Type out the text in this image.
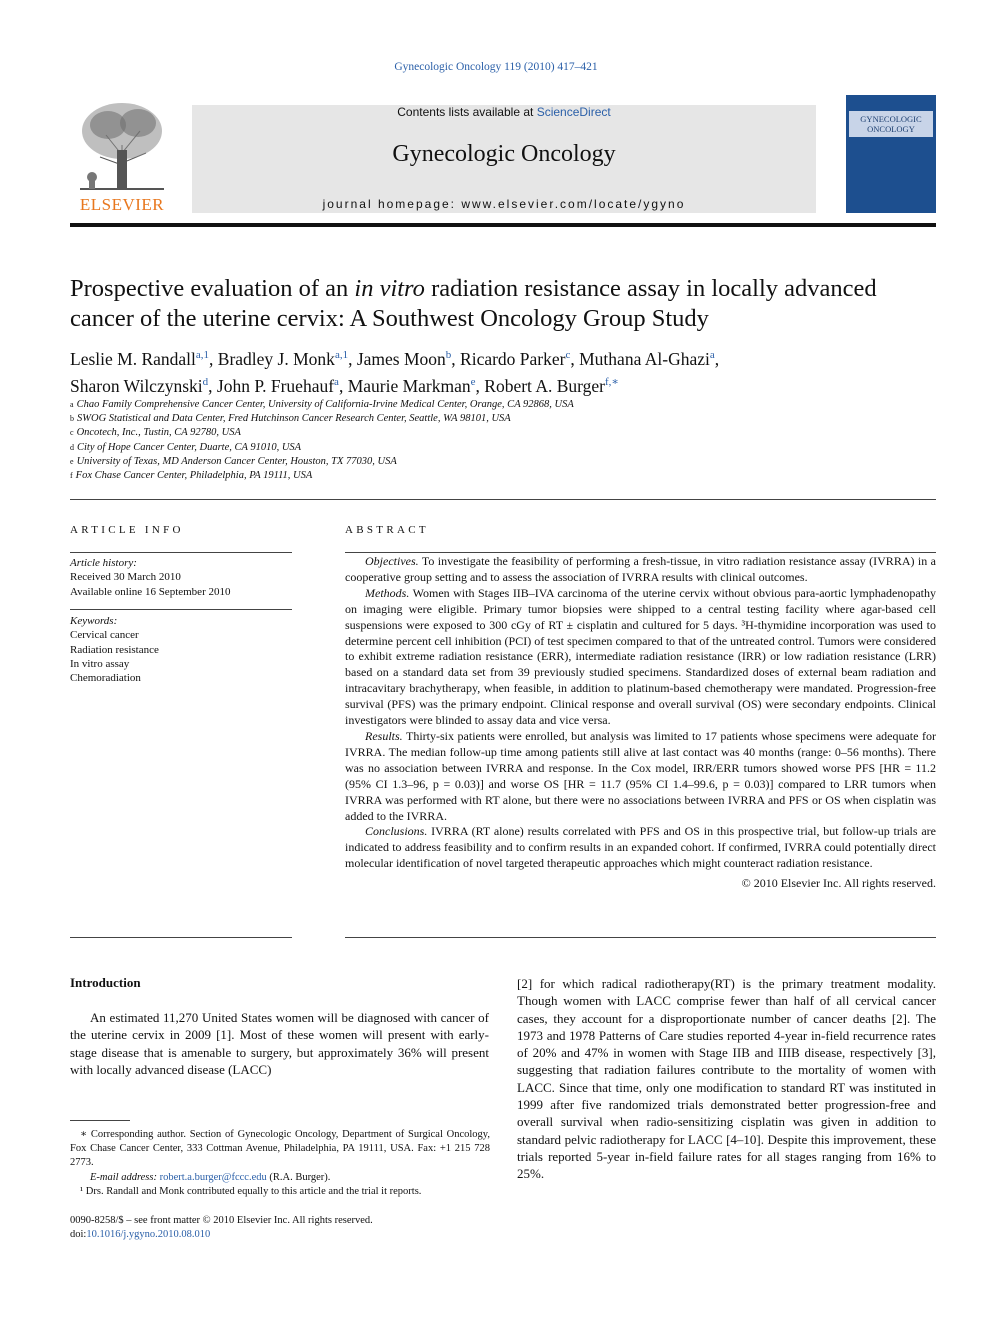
Gynecologic Oncology 119 (2010) 417–421
ELSEVIER
Contents lists available at ScienceDirect
Gynecologic Oncology
journal homepage: www.elsevier.com/locate/ygyno
GYNECOLOGIC
ONCOLOGY
Prospective evaluation of an in vitro radiation resistance assay in locally advanced cancer of the uterine cervix: A Southwest Oncology Group Study
Leslie M. Randall$^{a,1}$, Bradley J. Monk$^{a,1}$, James Moon$^b$, Ricardo Parker$^c$, Muthana Al-Ghazi$^a$,
Sharon Wilczynski$^d$, John P. Fruehauf$^a$, Maurie Markman$^e$, Robert A. Burger$^{f,∗}$
$^a$ Chao Family Comprehensive Cancer Center, University of California-Irvine Medical Center, Orange, CA 92868, USA
$^b$ SWOG Statistical and Data Center, Fred Hutchinson Cancer Research Center, Seattle, WA 98101, USA
$^c$ Oncotech, Inc., Tustin, CA 92780, USA
$^d$ City of Hope Cancer Center, Duarte, CA 91010, USA
$^e$ University of Texas, MD Anderson Cancer Center, Houston, TX 77030, USA
$^f$ Fox Chase Cancer Center, Philadelphia, PA 19111, USA
ARTICLE INFO
Article history:
Received 30 March 2010
Available online 16 September 2010
Keywords:
Cervical cancer
Radiation resistance
In vitro assay
Chemoradiation
ABSTRACT

Objectives. To investigate the feasibility of performing a fresh-tissue, in vitro radiation resistance assay (IVRRA) in a cooperative group setting and to assess the association of IVRRA results with clinical outcomes.

Methods. Women with Stages IIB–IVA carcinoma of the uterine cervix without obvious para-aortic lymphadenopathy on imaging were eligible. Primary tumor biopsies were shipped to a central testing facility where agar-based cell suspensions were exposed to 300 cGy of RT ± cisplatin and cultured for 5 days. ³H-thymidine incorporation was used to determine percent cell inhibition (PCI) of test specimen compared to that of the untreated control. Tumors were considered to exhibit extreme radiation resistance (ERR), intermediate radiation resistance (IRR) or low radiation resistance (LRR) based on a standard data set from 39 previously studied specimens. Standardized doses of external beam radiation and intracavitary brachytherapy, when feasible, in addition to platinum-based chemotherapy were mandated. Progression-free survival (PFS) was the primary endpoint. Clinical response and overall survival (OS) were secondary endpoints. Clinical investigators were blinded to assay data and vice versa.

Results. Thirty-six patients were enrolled, but analysis was limited to 17 patients whose specimens were adequate for IVRRA. The median follow-up time among patients still alive at last contact was 40 months (range: 0–56 months). There was no association between IVRRA and response. In the Cox model, IRR/ERR tumors showed worse PFS [HR = 11.2 (95% CI 1.3–96, p = 0.03)] and worse OS [HR = 11.7 (95% CI 1.4–99.6, p = 0.03)] compared to LRR tumors when IVRRA was performed with RT alone, but there were no associations between IVRRA and PFS or OS when cisplatin was added to the IVRRA.

Conclusions. IVRRA (RT alone) results correlated with PFS and OS in this prospective trial, but follow-up trials are indicated to address feasibility and to confirm results in an expanded cohort. If confirmed, IVRRA could potentially direct molecular identification of novel targeted therapeutic approaches which might counteract radiation resistance.

© 2010 Elsevier Inc. All rights reserved.

Introduction

An estimated 11,270 United States women will be diagnosed with cancer of the uterine cervix in 2009 [1]. Most of these women will present with early-stage disease that is amenable to surgery, but approximately 36% will present with locally advanced disease (LACC)

[2] for which radical radiotherapy(RT) is the primary treatment modality. Though women with LACC comprise fewer than half of all cervical cancer cases, they account for a disproportionate number of cancer deaths [2]. The 1973 and 1978 Patterns of Care studies reported 4-year in-field recurrence rates of 20% and 47% in women with Stage IIB and IIIB disease, respectively [3], suggesting that radiation failures contribute to the mortality of women with LACC. Since that time, only one modification to standard RT was instituted in 1999 after five randomized trials demonstrated better progression-free and overall survival when radio-sensitizing cisplatin was given in addition to standard pelvic radiotherapy for LACC [4–10]. Despite this improvement, these trials reported 5-year in-field failure rates for all stages ranging from 16% to 25%.

∗ Corresponding author. Section of Gynecologic Oncology, Department of Surgical Oncology, Fox Chase Cancer Center, 333 Cottman Avenue, Philadelphia, PA 19111, USA. Fax: +1 215 728 2773.

E-mail address: robert.a.burger@fccc.edu (R.A. Burger).

¹ Drs. Randall and Monk contributed equally to this article and the trial it reports.

0090-8258/$ – see front matter © 2010 Elsevier Inc. All rights reserved.
doi:10.1016/j.ygyno.2010.08.010
